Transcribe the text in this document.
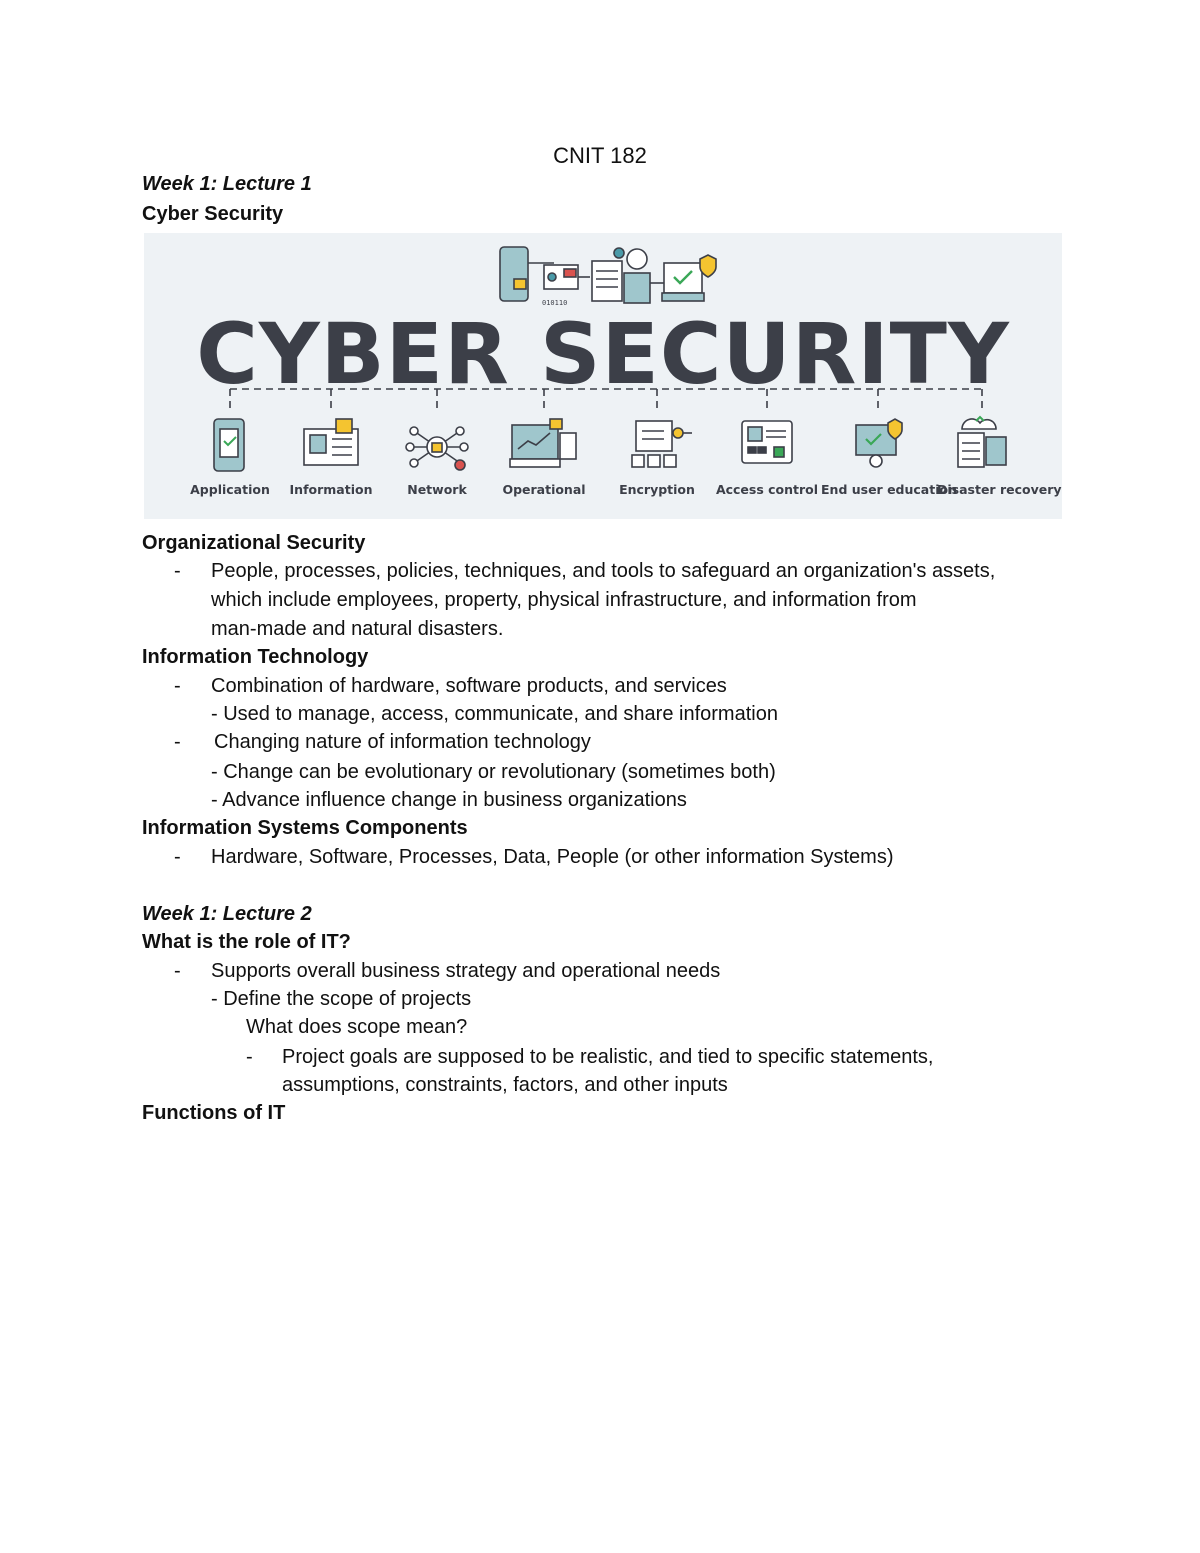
CNIT 182
Week 1: Lecture 1
Cyber Security
010110
CYBER SECURITY
Application	Information	Network	Operational	Encryption	Access control End user education
Disaster recovery
Organizational Security
- People, processes, policies, techniques, and tools to safeguard an organization's assets,
which include employees, property, physical infrastructure, and information from
man-made and natural disasters.
Information Technology
- Combination of hardware, software products, and services
- Used to manage, access, communicate, and share information
- Changing nature of information technology
- Change can be evolutionary or revolutionary (sometimes both)
- Advance influence change in business organizations
Information Systems Components
- Hardware, Software, Processes, Data, People (or other information Systems)
Week 1: Lecture 2
What is the role of IT?
- Supports overall business strategy and operational needs
- Define the scope of projects
What does scope mean?
- Project goals are supposed to be realistic, and tied to specific statements,
assumptions, constraints, factors, and other inputs
Functions of IT
